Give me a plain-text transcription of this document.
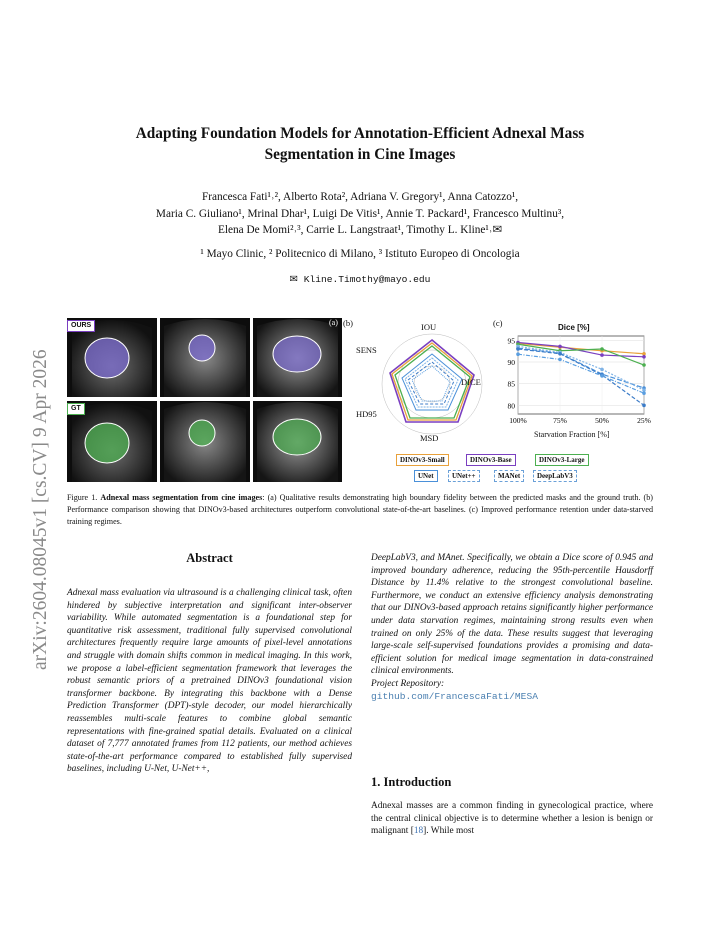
arXiv:2604.08045v1 [cs.CV] 9 Apr 2026
Adapting Foundation Models for Annotation-Efficient Adnexal Mass
Segmentation in Cine Images
Francesca Fati¹˒², Alberto Rota², Adriana V. Gregory¹, Anna Catozzo¹,
Maria C. Giuliano¹, Mrinal Dhar¹, Luigi De Vitis¹, Annie T. Packard¹, Francesco Multinu³,
Elena De Momi²˒³, Carrie L. Langstraat¹, Timothy L. Kline¹˒✉
¹ Mayo Clinic, ² Politecnico di Milano, ³ Istituto Europeo di Oncologia
✉ Kline.Timothy@mayo.edu
OURS
GT
(a) (b)	IOU
DICE
MSD
HD95
SENS
(c)	Dice [%]
80
85
90
95
100%	75%	50%	25%
Starvation Fraction [%]
DINOv3-Small	DINOv3-Base	DINOv3-Large
UNet	UNet++	MANet	DeepLabV3
Figure 1. Adnexal mass segmentation from cine images: (a) Qualitative results demonstrating high boundary fidelity between the predicted masks and the ground truth. (b) Performance comparison showing that DINOv3-based architectures outperform convolutional state-of-the-art baselines. (c) Improved performance retention under data-starved training regimes.
Abstract
Adnexal mass evaluation via ultrasound is a challenging clinical task, often hindered by subjective interpretation and significant inter-observer variability. While automated segmentation is a foundational step for quantitative risk assessment, traditional fully supervised convolutional architectures frequently require large amounts of pixel-level annotations and struggle with domain shifts common in medical imaging. In this work, we propose a label-efficient segmentation framework that leverages the robust semantic priors of a pretrained DINOv3 foundational vision transformer backbone. By integrating this backbone with a Dense Prediction Transformer (DPT)-style decoder, our model hierarchically reassembles multi-scale features to combine global semantic representations with fine-grained spatial details. Evaluated on a clinical dataset of 7,777 annotated frames from 112 patients, our method achieves state-of-the-art performance compared to established fully supervised baselines, including U-Net, U-Net++,
DeepLabV3, and MAnet. Specifically, we obtain a Dice score of 0.945 and improved boundary adherence, reducing the 95th-percentile Hausdorff Distance by 11.4% relative to the strongest convolutional baseline. Furthermore, we conduct an extensive efficiency analysis demonstrating that our DINOv3-based approach retains significantly higher performance under data starvation regimes, maintaining strong results even when trained on only 25% of the data. These results suggest that leveraging large-scale self-supervised foundations provides a promising and data-efficient solution for medical image segmentation in data-constrained clinical environments.
Project Repository:
github.com/FrancescaFati/MESA
1. Introduction
Adnexal masses are a common finding in gynecological practice, where the central clinical objective is to determine whether a lesion is benign or malignant [18]. While most
